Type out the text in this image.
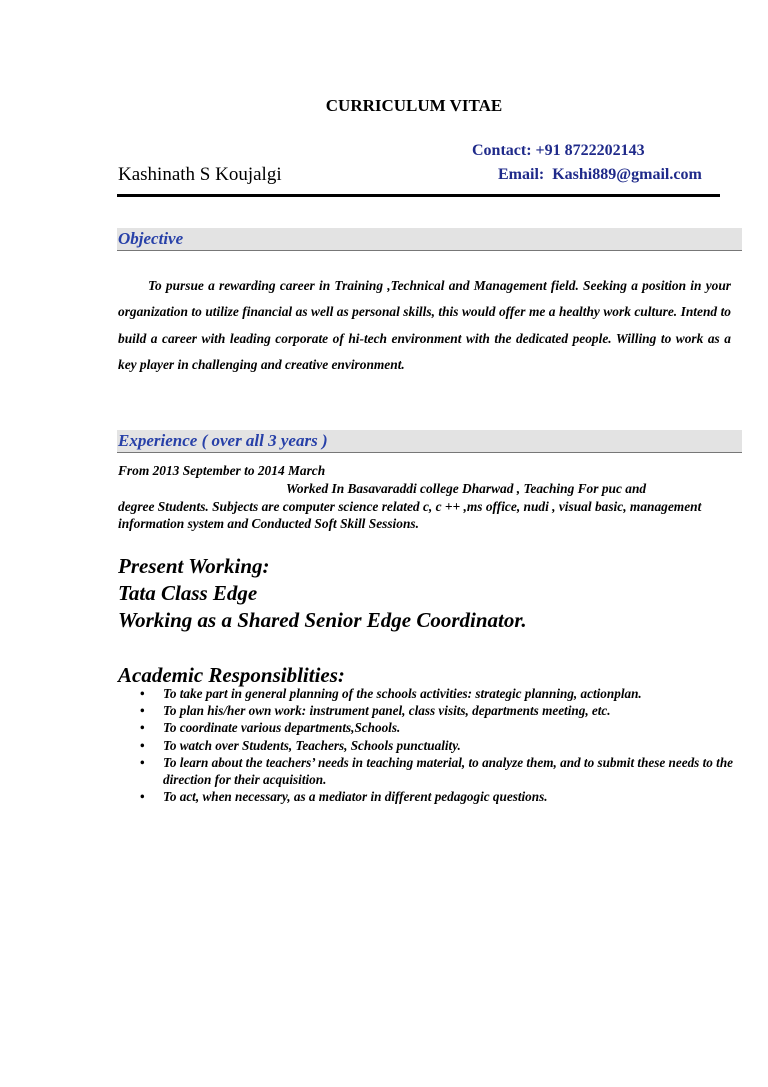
CURRICULUM VITAE
Contact: +91 8722202143
Kashinath S Koujalgi	Email:  Kashi889@gmail.com
Objective
To pursue a rewarding career in Training ,Technical and Management field. Seeking a position in your organization to utilize financial as well as personal skills, this would offer me a healthy work culture. Intend to build a career with leading corporate of hi-tech environment with the dedicated people. Willing to work as a key player in challenging and creative environment.
Experience ( over all 3 years )
From 2013 September to 2014 March
Worked In Basavaraddi college Dharwad , Teaching For puc and
degree Students. Subjects are computer science related c, c ++ ,ms office, nudi , visual basic, management information system and Conducted Soft Skill Sessions.
Present Working:
Tata Class Edge
Working as a Shared Senior Edge Coordinator.
Academic Responsiblities:
• To take part in general planning of the schools activities: strategic planning, actionplan.
• To plan his/her own work: instrument panel, class visits, departments meeting, etc.
• To coordinate various departments,Schools.
• To watch over Students, Teachers, Schools punctuality.
• To learn about the teachers’ needs in teaching material, to analyze them, and to submit these needs to the direction for their acquisition.
• To act, when necessary, as a mediator in different pedagogic questions.
